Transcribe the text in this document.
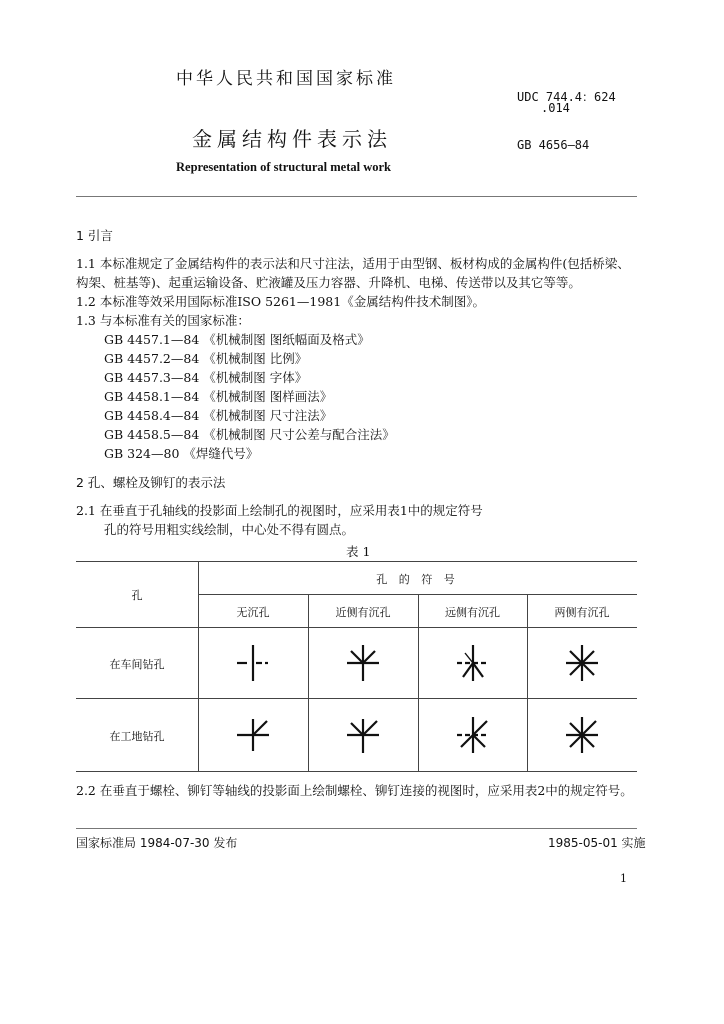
中华人民共和国国家标准
UDC 744.4：624
.014
金属结构件表示法	GB 4656—84
Representation of structural metal work
1 引言
1.1 本标准规定了金属结构件的表示法和尺寸注法，适用于由型钢、板材构成的金属构件(包括桥梁、
构架、桩基等)、起重运输设备、贮液罐及压力容器、升降机、电梯、传送带以及其它等等。
1.2 本标准等效采用国际标准ISO 5261—1981《金属结构件技术制图》。
1.3 与本标准有关的国家标准：
GB 4457.1—84 《机械制图 图纸幅面及格式》
GB 4457.2—84 《机械制图 比例》
GB 4457.3—84 《机械制图 字体》
GB 4458.1—84 《机械制图 图样画法》
GB 4458.4—84 《机械制图 尺寸注法》
GB 4458.5—84 《机械制图 尺寸公差与配合注法》
GB 324—80 《焊缝代号》
2 孔、螺栓及铆钉的表示法
2.1 在垂直于孔轴线的投影面上绘制孔的视图时，应采用表1中的规定符号
孔的符号用粗实线绘制，中心处不得有圆点。
表 1
孔
孔 的 符 号
无沉孔	近侧有沉孔	远侧有沉孔	两侧有沉孔
在车间钻孔
在工地钻孔
2.2 在垂直于螺栓、铆钉等轴线的投影面上绘制螺栓、铆钉连接的视图时，应采用表2中的规定符号。
国家标准局 1984-07-30 发布	1985-05-01 实施
1
